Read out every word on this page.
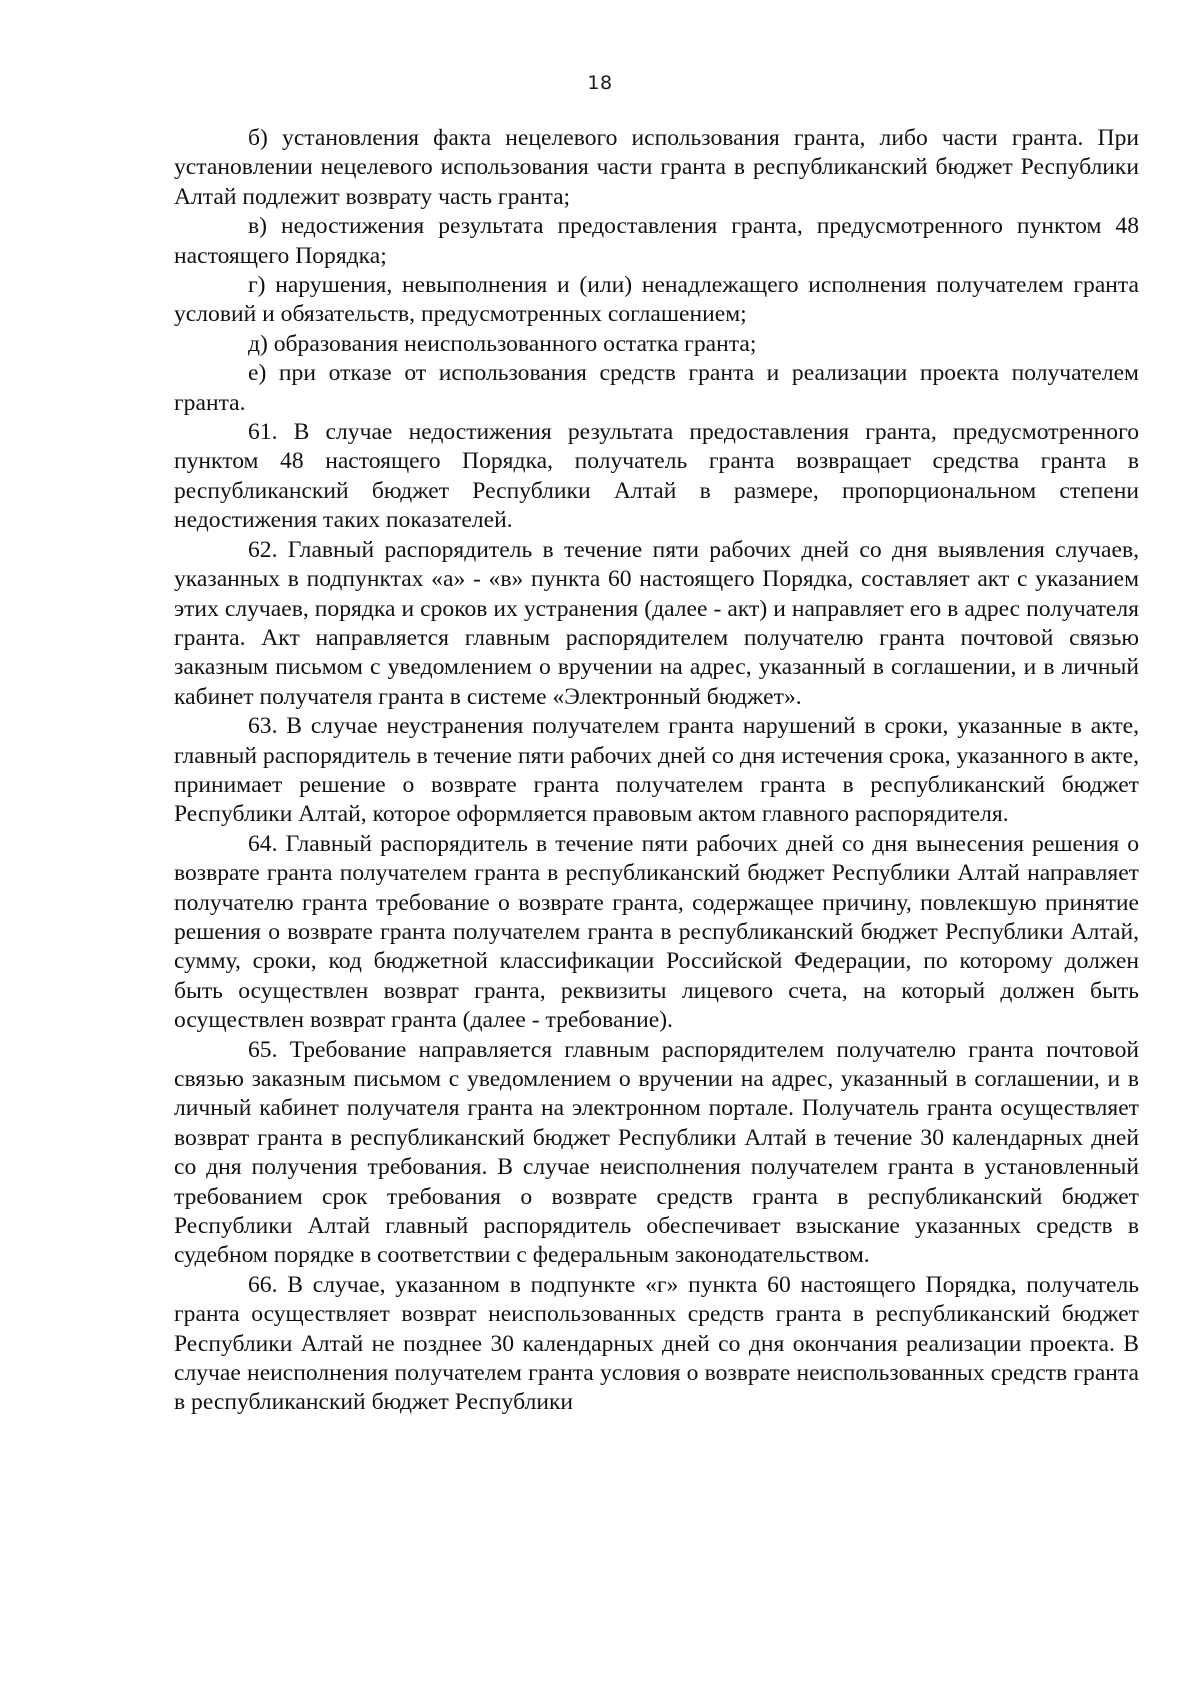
18

б) установления факта нецелевого использования гранта, либо части гранта. При установлении нецелевого использования части гранта в республиканский бюджет Республики Алтай подлежит возврату часть гранта;

в) недостижения результата предоставления гранта, предусмотренного пунктом 48 настоящего Порядка;

г) нарушения, невыполнения и (или) ненадлежащего исполнения получателем гранта условий и обязательств, предусмотренных соглашением;

д) образования неиспользованного остатка гранта;

е) при отказе от использования средств гранта и реализации проекта получателем гранта.

61. В случае недостижения результата предоставления гранта, предусмотренного пунктом 48 настоящего Порядка, получатель гранта возвращает средства гранта в республиканский бюджет Республики Алтай в размере, пропорциональном степени недостижения таких показателей.

62. Главный распорядитель в течение пяти рабочих дней со дня выявления случаев, указанных в подпунктах «а» - «в» пункта 60 настоящего Порядка, составляет акт с указанием этих случаев, порядка и сроков их устранения (далее - акт) и направляет его в адрес получателя гранта. Акт направляется главным распорядителем получателю гранта почтовой связью заказным письмом с уведомлением о вручении на адрес, указанный в соглашении, и в личный кабинет получателя гранта в системе «Электронный бюджет».

63. В случае неустранения получателем гранта нарушений в сроки, указанные в акте, главный распорядитель в течение пяти рабочих дней со дня истечения срока, указанного в акте, принимает решение о возврате гранта получателем гранта в республиканский бюджет Республики Алтай, которое оформляется правовым актом главного распорядителя.

64. Главный распорядитель в течение пяти рабочих дней со дня вынесения решения о возврате гранта получателем гранта в республиканский бюджет Республики Алтай направляет получателю гранта требование о возврате гранта, содержащее причину, повлекшую принятие решения о возврате гранта получателем гранта в республиканский бюджет Республики Алтай, сумму, сроки, код бюджетной классификации Российской Федерации, по которому должен быть осуществлен возврат гранта, реквизиты лицевого счета, на который должен быть осуществлен возврат гранта (далее - требование).

65. Требование направляется главным распорядителем получателю гранта почтовой связью заказным письмом с уведомлением о вручении на адрес, указанный в соглашении, и в личный кабинет получателя гранта на электронном портале. Получатель гранта осуществляет возврат гранта в республиканский бюджет Республики Алтай в течение 30 календарных дней со дня получения требования. В случае неисполнения получателем гранта в установленный требованием срок требования о возврате средств гранта в республиканский бюджет Республики Алтай главный распорядитель обеспечивает взыскание указанных средств в судебном порядке в соответствии с федеральным законодательством.

66. В случае, указанном в подпункте «г» пункта 60 настоящего Порядка, получатель гранта осуществляет возврат неиспользованных средств гранта в республиканский бюджет Республики Алтай не позднее 30 календарных дней со дня окончания реализации проекта. В случае неисполнения получателем гранта условия о возврате неиспользованных средств гранта в республиканский бюджет Республики
